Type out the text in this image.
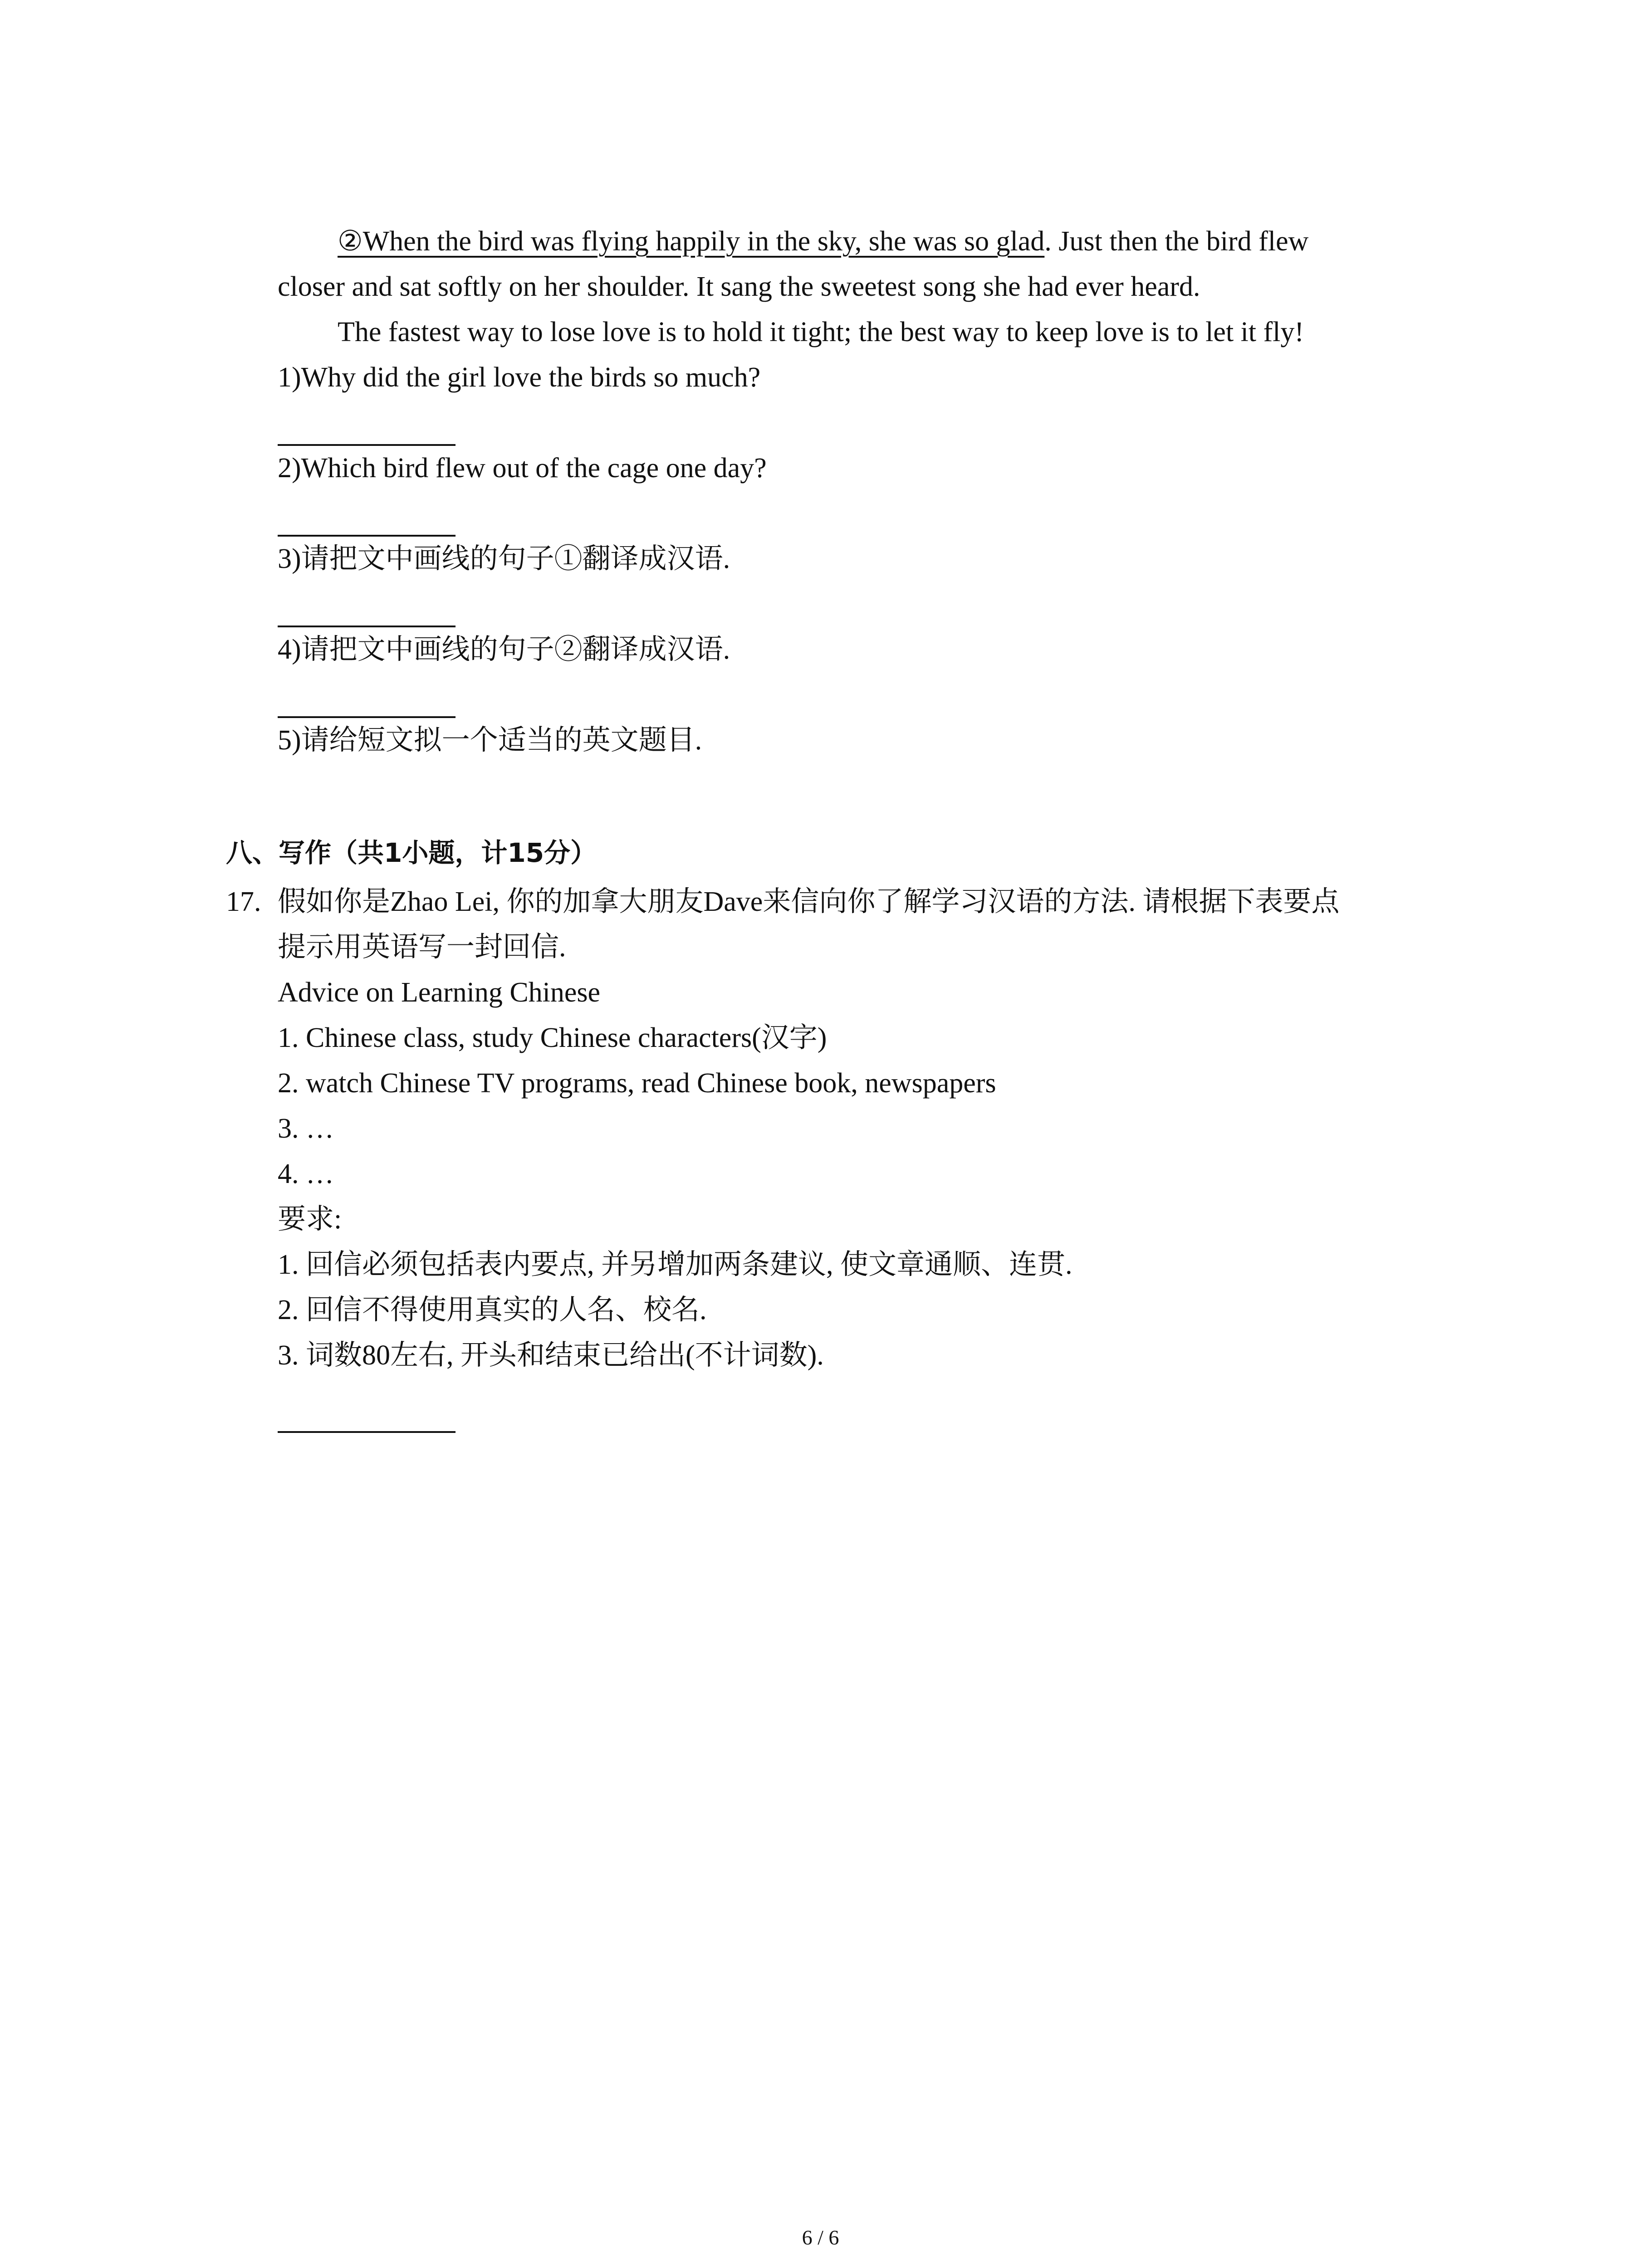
②When the bird was flying happily in the sky, she was so glad. Just then the bird flew
closer and sat softly on her shoulder. It sang the sweetest song she had ever heard.
The fastest way to lose love is to hold it tight; the best way to keep love is to let it fly!
1)Why did the girl love the birds so much?
2)Which bird flew out of the cage one day?
3)请把文中画线的句子①翻译成汉语.
4)请把文中画线的句子②翻译成汉语.
5)请给短文拟一个适当的英文题目.
八、写作（共1小题，计15分）
17. 假如你是Zhao Lei, 你的加拿大朋友Dave来信向你了解学习汉语的方法. 请根据下表要点
提示用英语写一封回信.
Advice on Learning Chinese
1. Chinese class, study Chinese characters(汉字)
2. watch Chinese TV programs, read Chinese book, newspapers
3. …
4. …
要求:
1. 回信必须包括表内要点, 并另增加两条建议, 使文章通顺、连贯.
2. 回信不得使用真实的人名、校名.
3. 词数80左右, 开头和结束已给出(不计词数).
6 / 6
